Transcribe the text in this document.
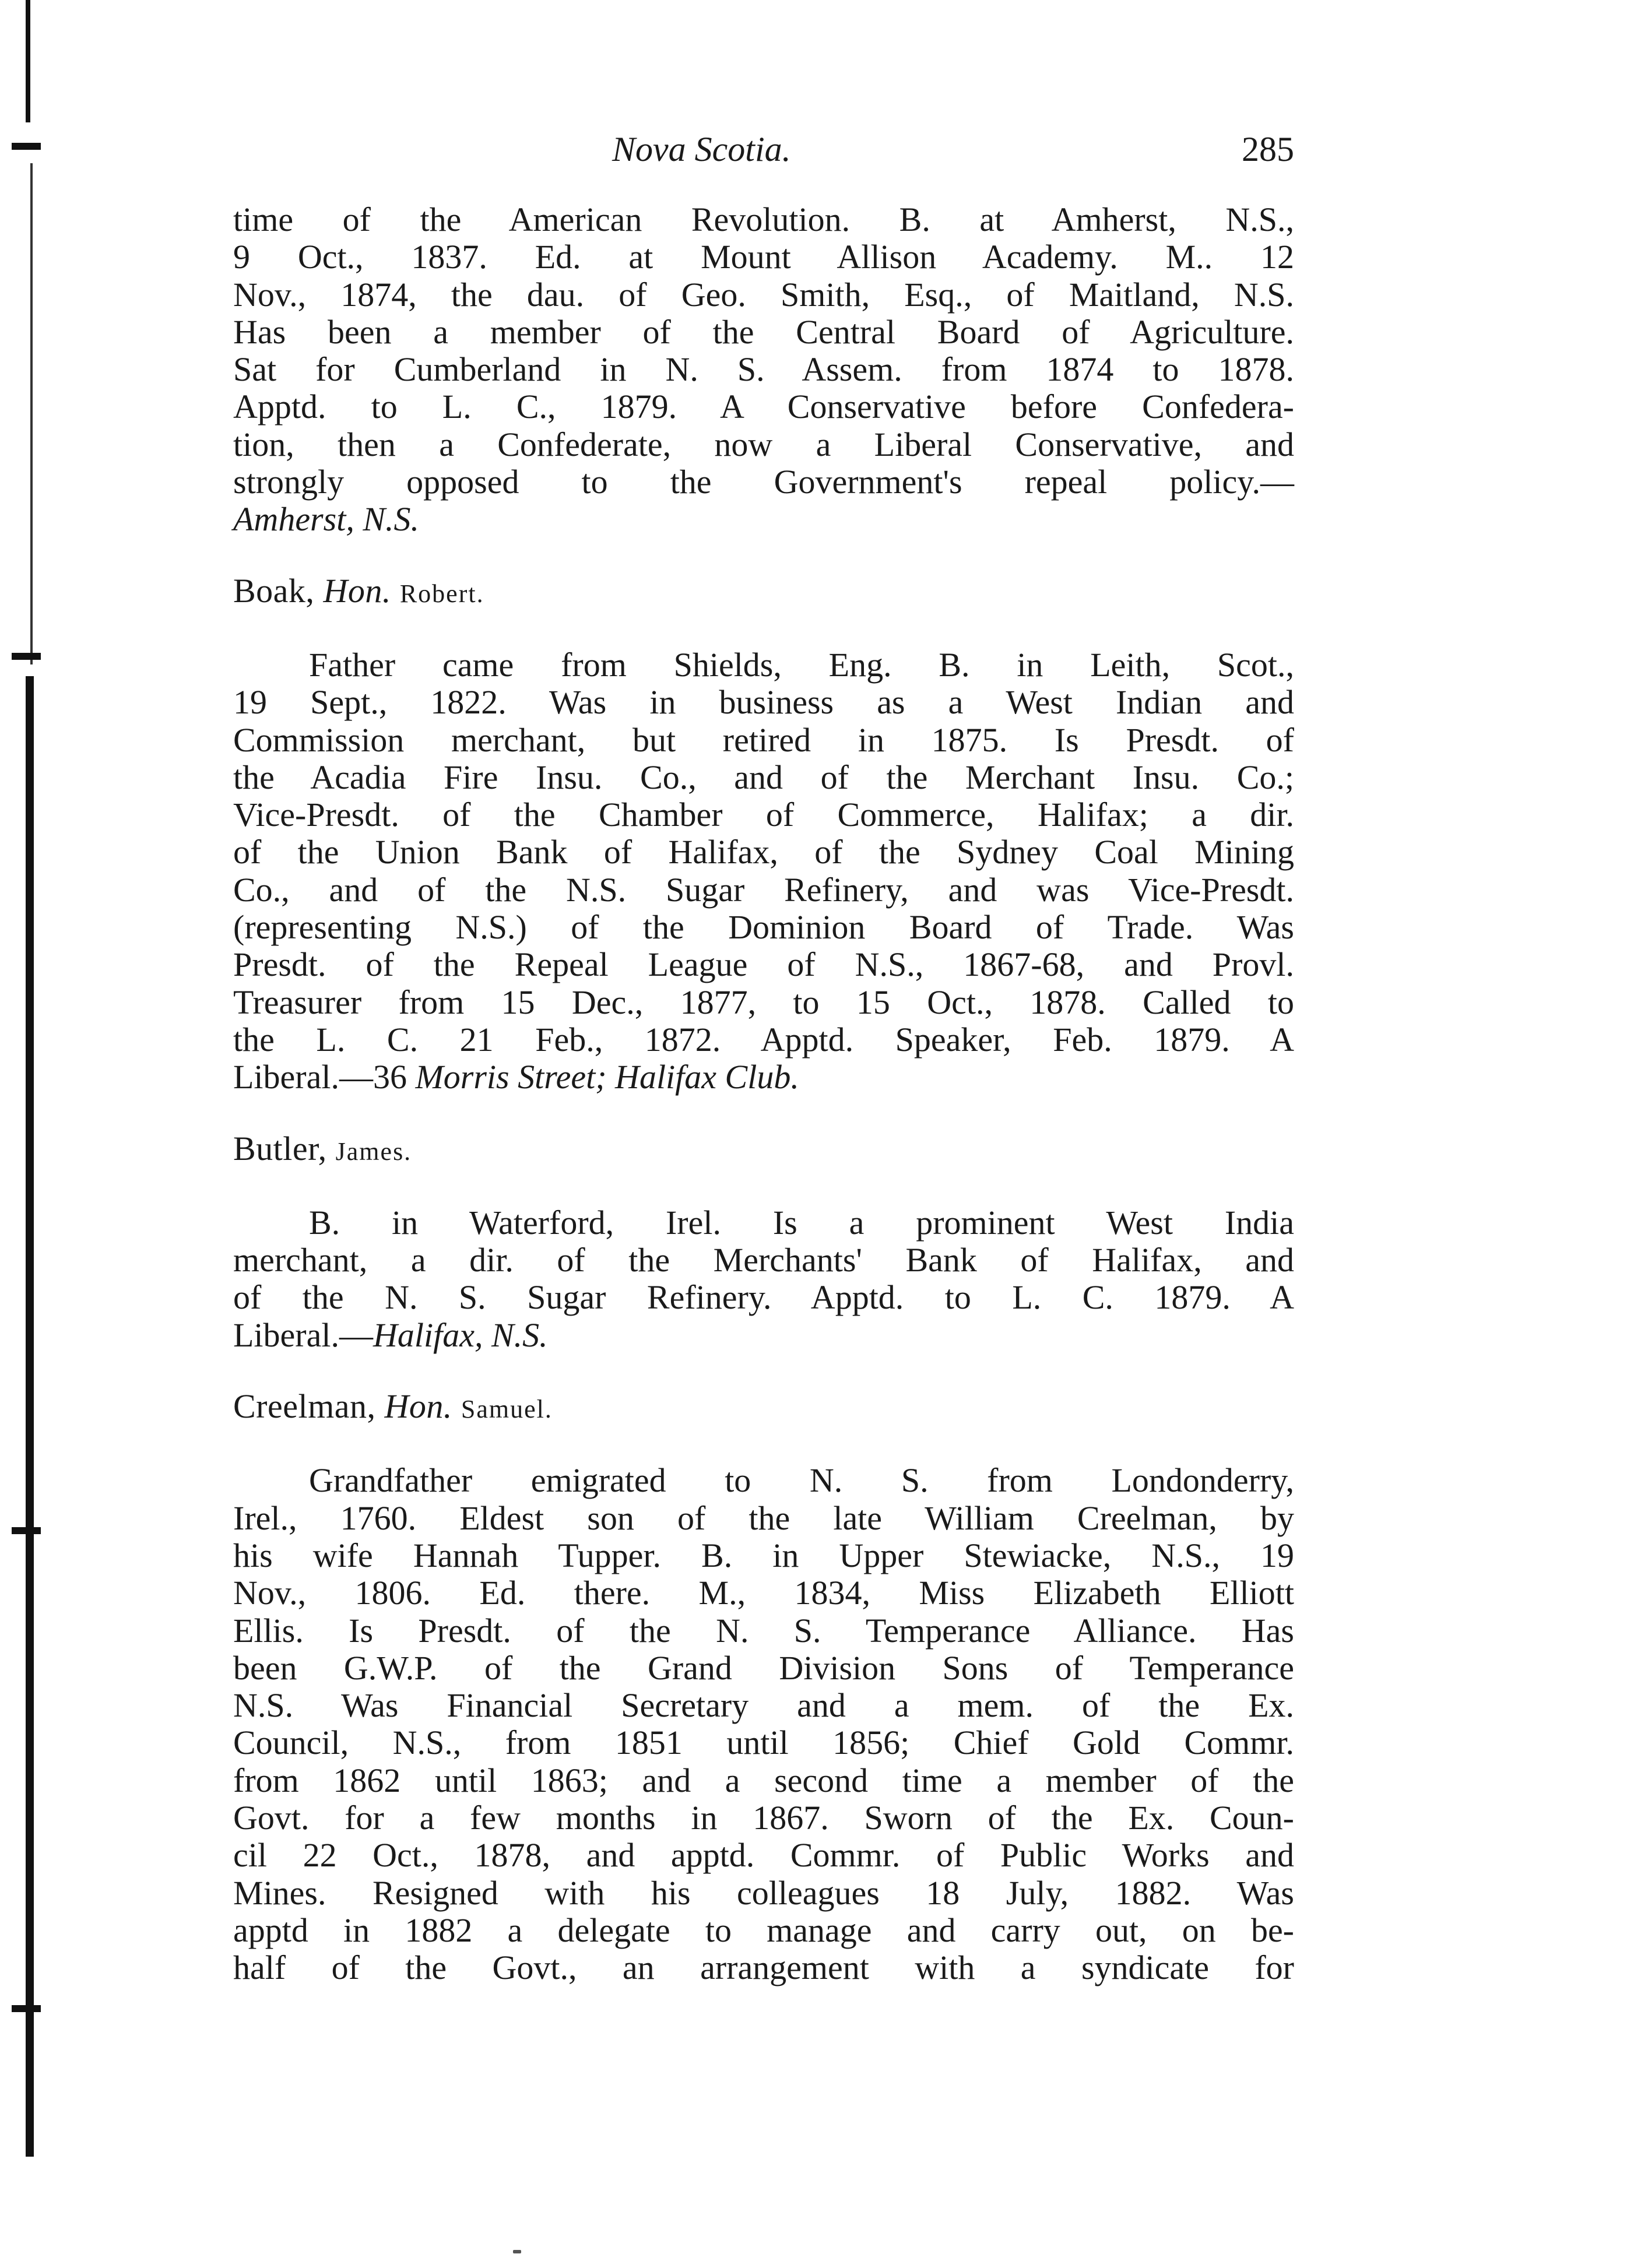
Nova Scotia.	285
time of the American Revolution. B. at Amherst, N.S.,
9 Oct., 1837. Ed. at Mount Allison Academy. M.. 12
Nov., 1874, the dau. of Geo. Smith, Esq., of Maitland, N.S.
Has been a member of the Central Board of Agriculture.
Sat for Cumberland in N. S. Assem. from 1874 to 1878.
Apptd. to L. C., 1879. A Conservative before Confedera-
tion, then a Confederate, now a Liberal Conservative, and
strongly opposed to the Government's repeal policy.—
Amherst, N.S.
Boak, Hon. Robert.
Father came from Shields, Eng. B. in Leith, Scot.,
19 Sept., 1822. Was in business as a West Indian and
Commission merchant, but retired in 1875. Is Presdt. of
the Acadia Fire Insu. Co., and of the Merchant Insu. Co.;
Vice-Presdt. of the Chamber of Commerce, Halifax; a dir.
of the Union Bank of Halifax, of the Sydney Coal Mining
Co., and of the N.S. Sugar Refinery, and was Vice-Presdt.
(representing N.S.) of the Dominion Board of Trade. Was
Presdt. of the Repeal League of N.S., 1867-68, and Provl.
Treasurer from 15 Dec., 1877, to 15 Oct., 1878. Called to
the L. C. 21 Feb., 1872. Apptd. Speaker, Feb. 1879. A
Liberal.—36 Morris Street; Halifax Club.
Butler, James.
B. in Waterford, Irel. Is a prominent West India
merchant, a dir. of the Merchants' Bank of Halifax, and
of the N. S. Sugar Refinery. Apptd. to L. C. 1879. A
Liberal.—Halifax, N.S.
Creelman, Hon. Samuel.
Grandfather emigrated to N. S. from Londonderry,
Irel., 1760. Eldest son of the late William Creelman, by
his wife Hannah Tupper. B. in Upper Stewiacke, N.S., 19
Nov., 1806. Ed. there. M., 1834, Miss Elizabeth Elliott
Ellis. Is Presdt. of the N. S. Temperance Alliance. Has
been G.W.P. of the Grand Division Sons of Temperance
N.S. Was Financial Secretary and a mem. of the Ex.
Council, N.S., from 1851 until 1856; Chief Gold Commr.
from 1862 until 1863; and a second time a member of the
Govt. for a few months in 1867. Sworn of the Ex. Coun-
cil 22 Oct., 1878, and apptd. Commr. of Public Works and
Mines. Resigned with his colleagues 18 July, 1882. Was
apptd in 1882 a delegate to manage and carry out, on be-
half of the Govt., an arrangement with a syndicate for
